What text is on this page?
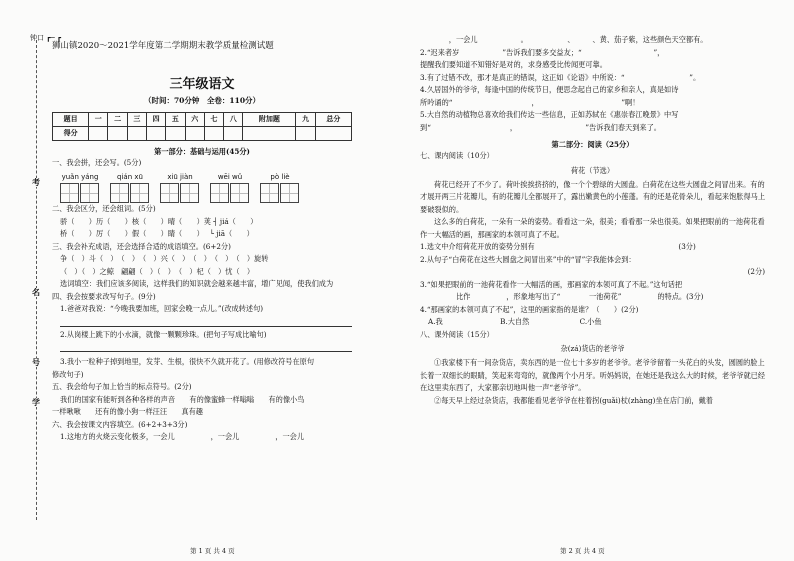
考
名
号
学
钟口 ┏─ ┏
狮山镇2020～2021学年度第二学期期末教学质量检测试题
三年级语文
（时间：70分钟　全卷：110分）
题目	一	二	三	四	五	六	七	八	附加题	九	总分
得分											
第一部分：基础与运用(45分)
一、我会拼，还会写。(5分)
yuǎn yáng	qián xū	xiū jiàn	wēi wǔ	pò liè
二、我会区分，还会组词。(5分)
骄（　　）历（　　）核（　　）晴（　　）荚 ┤ jiá（　　）
桥（　　）厉（　　）假（　　）睛（　　）　 └ jiā（　　）
三、我会补充成语，还会选择合适的成语填空。(6+2分)
争（　）斗（　）　（　）　（　）兴（　）　（　）　（　）　（　）旋转
（　）（　）之鲸　翩翩（　）（　）　（　）杞（　）忧（　）
选词填空：我们应该多阅读，这样我们的知识就会越来越丰富，增广见闻，使我们成为
四、我会按要求改写句子。(9分)
1.爸爸对我说：“今晚我要加班，回家会晚一点儿。”(改成转述句)
2.从岗楼上跳下的小水滴，就像一颗颗珍珠。(把句子写成比喻句)
3.我小一粒种子掉到地里，发芽、生根，很快不久就开花了。(用修改符号在原句
修改句子)
五、我会给句子加上恰当的标点符号。(2分)
我们的国家有能听到各种各样的声音　　有的像蜜蜂一样嗡嗡　　有的像小鸟
一样啾啾　　还有的像小狗一样汪汪　　真有趣
六、我会按课文内容填空。(6+2+3+3分)
1.这地方的火烧云变化极多，一会儿　　　　　，一会儿　　　　　，一会儿
第 1 页 共 4 页
　　　　，一会儿　　　　　　。　　　　　　、　　　、黄、茄子紫，这些颜色天空都有。
2.“迟来者岁　　　　　　”告诉我们要多交益友；“　　　　　　　　　　”，
提醒我们要知道不知错好是对的，求身感受比传闻更可靠。
3.有了过错不改，那才是真正的错误，这正如《论语》中所说：“　　　　　　　　　”。
4.久居国外的爷爷，每逢中国的传统节日，便思念起自己的家乡和亲人，真是如诗
所吟诵的“　　　　　　　　　　　，　　　　　　　　　　　　”啊！
5.大自然的动植物总喜欢给我们传达一些信息，正如苏轼在《惠崇春江晚景》中写
到“　　　　　　　　　　　，　　　　　　　　　　”告诉我们春天到来了。
第二部分：阅读（25分）
七、课内阅读（10分）
荷花（节选）
荷花已经开了不少了。荷叶挨挨挤挤的，像一个个碧绿的大圆盘。白荷花在这些大圆盘之间冒出来。有的才展开两三片花瓣儿，有的花瓣儿全都展开了，露出嫩黄色的小莲蓬。有的还是花骨朵儿，看起来饱胀得马上要破裂似的。
这么多的白荷花，一朵有一朵的姿势。看看这一朵，很美；看看那一朵也很美。如果把眼前的一池荷花看作一大幅活的画，那画家的本领可真了不起。
1.选文中介绍荷花开放的姿势分别有　　　　　　　　　　　　　　　　　　　　(3分)
2.从句子“白荷花在这些大圆盘之间冒出来”中的“冒”字我能体会到：
(2分)
3.“如果把眼前的一池荷花看作一大幅活的画，那画家的本领可真了不起。”这句话把
　　　　　比作　　　　　，形象地写出了“　　　　一池荷花”　　　　　的特点。(3分)
4.“那画家的本领可真了不起”，这里的画家指的是谁？（　　）(2分)
A.我　　　　　　　　B.大自然　　　　　　　C.小鱼
八、课外阅读（15分）
杂(zá)货店的老爷爷
①我家楼下有一间杂货店，卖东西的是一位七十多岁的老爷爷。老爷爷留着一头花白的头发，圆圆的脸上长着一双细长的眼睛，笑起来弯弯的，就像两个小月牙。听妈妈说，在她还是我这么大的时候，老爷爷就已经在这里卖东西了，大家都亲切地叫他一声“老爷爷”。
②每天早上经过杂货店，我都能看见老爷爷在柱着拐(guǎi)杖(zhàng)坐在店门前，戴着
第 2 页 共 4 页
